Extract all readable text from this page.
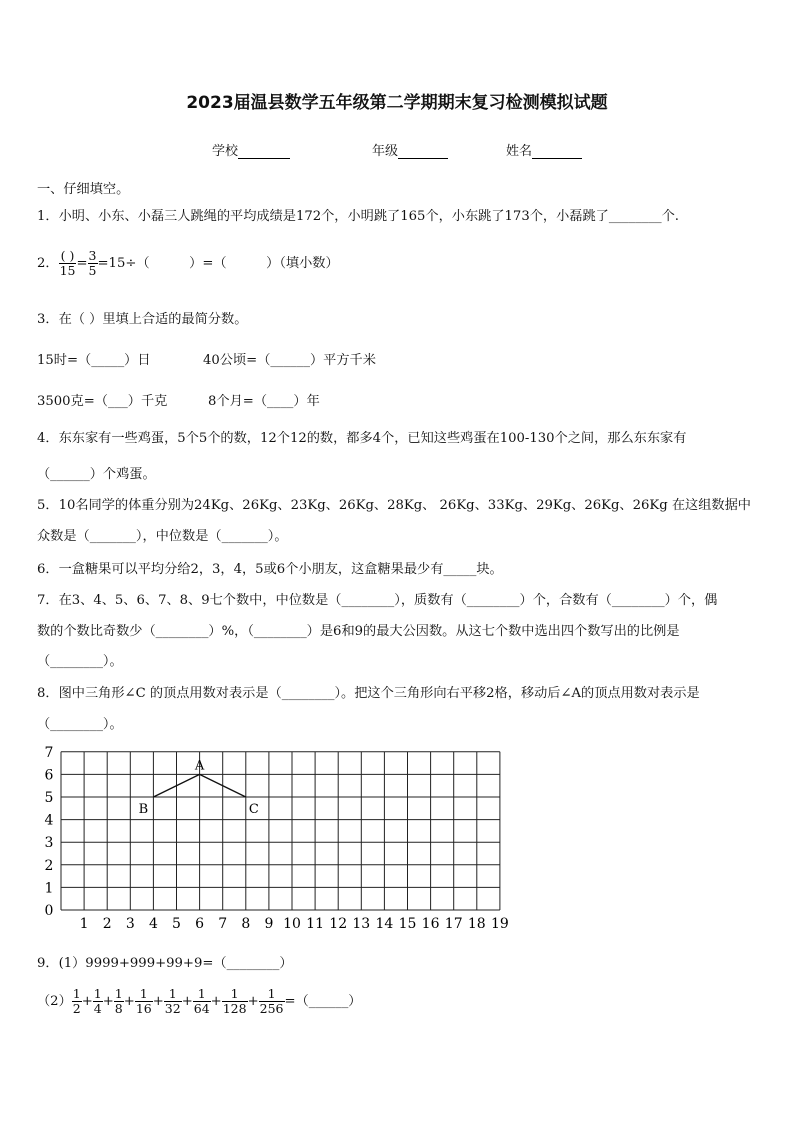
2023届温县数学五年级第二学期期末复习检测模拟试题
学校	年级	姓名
一、仔细填空。
1．小明、小东、小磊三人跳绳的平均成绩是172个，小明跳了165个，小东跳了173个，小磊跳了________个.
2． $\frac{( )}{15} = \frac{3}{5} =15\div$（　　　）=（　　　）（填小数）
3．在（ ）里填上合适的最简分数。
15时=（_____）日	40公顷=（______）平方千米
3500克=（___）千克	8个月=（____）年
4．东东家有一些鸡蛋，5个5个的数，12个12的数，都多4个，已知这些鸡蛋在100-130个之间，那么东东家有
（______）个鸡蛋。
5．10名同学的体重分别为24Kg、26Kg、23Kg、26Kg、28Kg、 26Kg、33Kg、29Kg、26Kg、26Kg 在这组数据中
众数是（_______），中位数是（_______）。
6．一盒糖果可以平均分给2，3，4，5或6个小朋友，这盒糖果最少有_____块。
7．在3、4、5、6、7、8、9七个数中，中位数是（________），质数有（________）个，合数有（________）个，偶
数的个数比奇数少（________）%，（________）是6和9的最大公因数。从这七个数中选出四个数写出的比例是
（________）。
8．图中三角形∠C 的顶点用数对表示是（________）。把这个三角形向右平移2格，移动后∠A的顶点用数对表示是
（________）。
1 2 3 4 5 6 7 8 9 10 11 12 13 14 15 16 17 18 19
0
1
2
3
4
5
6
7
A
B	C
9．(1）9999+999+99+9=（________）
$(2) \frac{1}{2} + \frac{1}{4} + \frac{1}{8} + \frac{1}{16} + \frac{1}{32} + \frac{1}{64} + \frac{1}{128} + \frac{1}{256}$ =（______）
